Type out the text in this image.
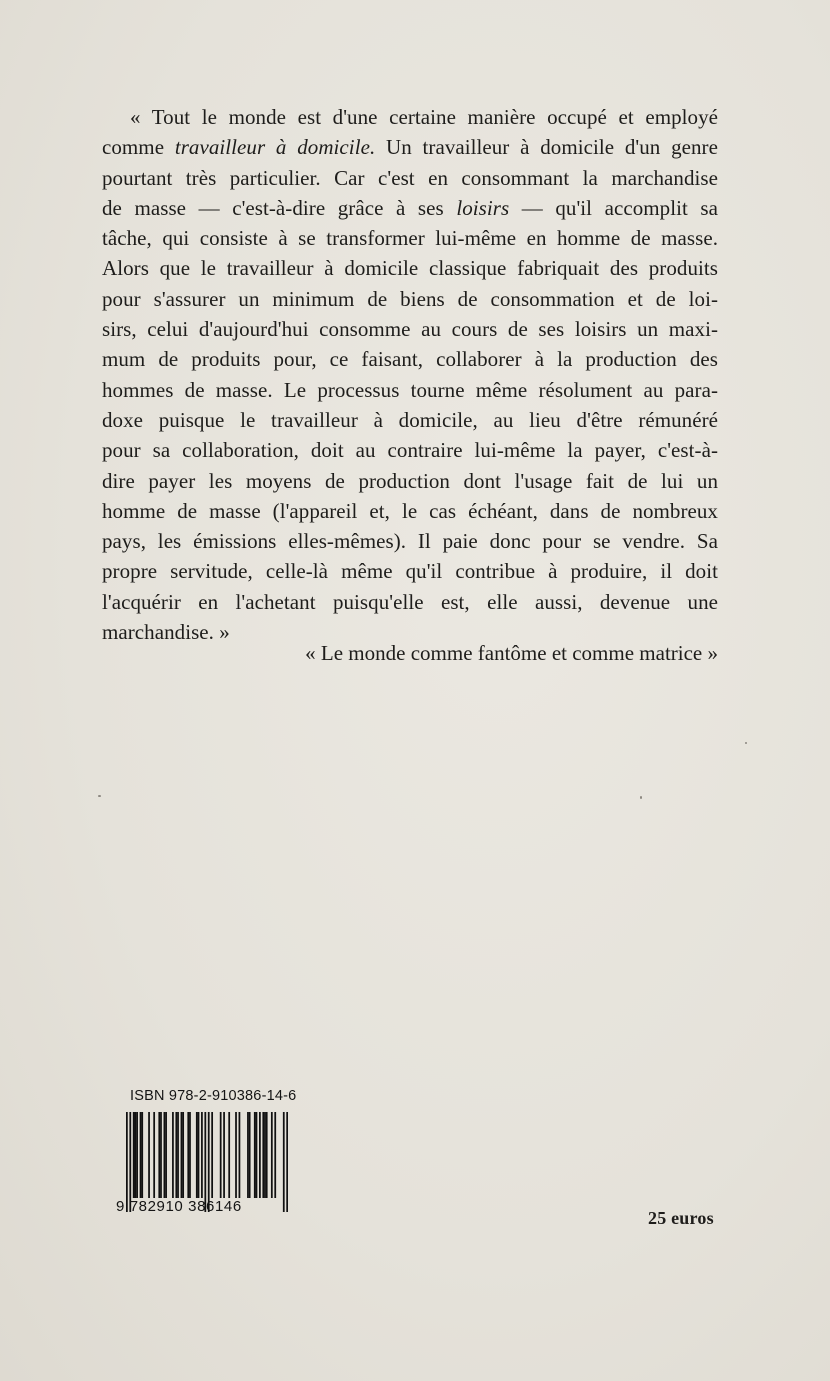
« Tout le monde est d'une certaine manière occupé et employé
comme travailleur à domicile. Un travailleur à domicile d'un genre
pourtant très particulier. Car c'est en consommant la marchandise
de masse — c'est-à-dire grâce à ses loisirs — qu'il accomplit sa
tâche, qui consiste à se transformer lui-même en homme de masse.
Alors que le travailleur à domicile classique fabriquait des produits
pour s'assurer un minimum de biens de consommation et de loi-
sirs, celui d'aujourd'hui consomme au cours de ses loisirs un maxi-
mum de produits pour, ce faisant, collaborer à la production des
hommes de masse. Le processus tourne même résolument au para-
doxe puisque le travailleur à domicile, au lieu d'être rémunéré
pour sa collaboration, doit au contraire lui-même la payer, c'est-à-
dire payer les moyens de production dont l'usage fait de lui un
homme de masse (l'appareil et, le cas échéant, dans de nombreux
pays, les émissions elles-mêmes). Il paie donc pour se vendre. Sa
propre servitude, celle-là même qu'il contribue à produire, il doit
l'acquérir en l'achetant puisqu'elle est, elle aussi, devenue une
marchandise. »
« Le monde comme fantôme et comme matrice »
ISBN 978-2-910386-14-6
9 782910 386146
25 euros
